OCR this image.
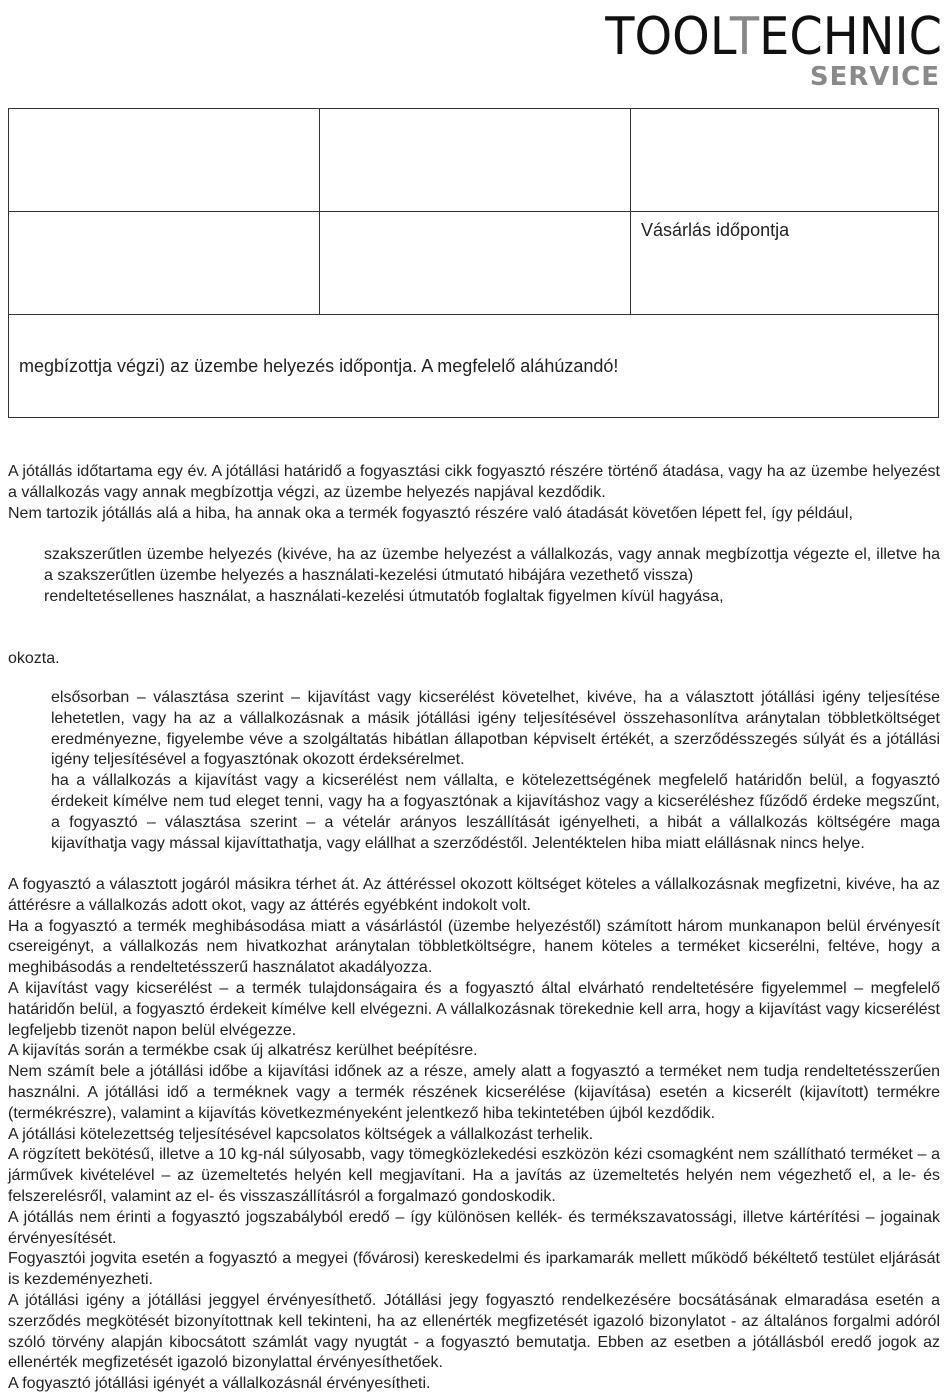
TOOLTECHNIC
SERVICE

		Vásárlás időpontja

megbízottja végzi) az üzembe helyezés időpontja. A megfelelő aláhúzandó!		

A jótállás időtartama egy év. A jótállási határidő a fogyasztási cikk fogyasztó részére történő átadása, vagy ha az üzembe helyezést a vállalkozás vagy annak megbízottja végzi, az üzembe helyezés napjával kezdődik.

Nem tartozik jótállás alá a hiba, ha annak oka a termék fogyasztó részére való átadását követően lépett fel, így például,

szakszerűtlen üzembe helyezés (kivéve, ha az üzembe helyezést a vállalkozás, vagy annak megbízottja végezte el, illetve ha a szakszerűtlen üzembe helyezés a használati-kezelési útmutató hibájára vezethető vissza)

rendeltetésellenes használat, a használati-kezelési útmutatób foglaltak figyelmen kívül hagyása,

okozta.

elsősorban – választása szerint – kijavítást vagy kicserélést követelhet, kivéve, ha a választott jótállási igény teljesítése lehetetlen, vagy ha az a vállalkozásnak a másik jótállási igény teljesítésével összehasonlítva aránytalan többletköltséget eredményezne, figyelembe véve a szolgáltatás hibátlan állapotban képviselt értékét, a szerződésszegés súlyát és a jótállási igény teljesítésével a fogyasztónak okozott érdeksérelmet.

ha a vállalkozás a kijavítást vagy a kicserélést nem vállalta, e kötelezettségének megfelelő határidőn belül, a fogyasztó érdekeit kímélve nem tud eleget tenni, vagy ha a fogyasztónak a kijavításhoz vagy a kicseréléshez fűződő érdeke megszűnt, a fogyasztó – választása szerint – a vételár arányos leszállítását igényelheti, a hibát a vállalkozás költségére maga kijavíthatja vagy mással kijavíttathatja, vagy elállhat a szerződéstől. Jelentéktelen hiba miatt elállásnak nincs helye.

A fogyasztó a választott jogáról másikra térhet át. Az áttéréssel okozott költséget köteles a vállalkozásnak megfizetni, kivéve, ha az áttérésre a vállalkozás adott okot, vagy az áttérés egyébként indokolt volt.

Ha a fogyasztó a termék meghibásodása miatt a vásárlástól (üzembe helyezéstől) számított három munkanapon belül érvényesít csereigényt, a vállalkozás nem hivatkozhat aránytalan többletköltségre, hanem köteles a terméket kicserélni, feltéve, hogy a meghibásodás a rendeltetésszerű használatot akadályozza.

A kijavítást vagy kicserélést – a termék tulajdonságaira és a fogyasztó által elvárható rendeltetésére figyelemmel – megfelelő határidőn belül, a fogyasztó érdekeit kímélve kell elvégezni. A vállalkozásnak törekednie kell arra, hogy a kijavítást vagy kicserélést legfeljebb tizenöt napon belül elvégezze.

A kijavítás során a termékbe csak új alkatrész kerülhet beépítésre.

Nem számít bele a jótállási időbe a kijavítási időnek az a része, amely alatt a fogyasztó a terméket nem tudja rendeltetésszerűen használni. A jótállási idő a terméknek vagy a termék részének kicserélése (kijavítása) esetén a kicserélt (kijavított) termékre (termékrészre), valamint a kijavítás következményeként jelentkező hiba tekintetében újból kezdődik.

A jótállási kötelezettség teljesítésével kapcsolatos költségek a vállalkozást terhelik.

A rögzített bekötésű, illetve a 10 kg-nál súlyosabb, vagy tömegközlekedési eszközön kézi csomagként nem szállítható terméket – a járművek kivételével – az üzemeltetés helyén kell megjavítani. Ha a javítás az üzemeltetés helyén nem végezhető el, a le- és felszerelésről, valamint az el- és visszaszállításról a forgalmazó gondoskodik.

A jótállás nem érinti a fogyasztó jogszabályból eredő – így különösen kellék- és termékszavatossági, illetve kártérítési – jogainak érvényesítését.

Fogyasztói jogvita esetén a fogyasztó a megyei (fővárosi) kereskedelmi és iparkamarák mellett működő békéltető testület eljárását is kezdeményezheti.

A jótállási igény a jótállási jeggyel érvényesíthető. Jótállási jegy fogyasztó rendelkezésére bocsátásának elmaradása esetén a szerződés megkötését bizonyítottnak kell tekinteni, ha az ellenérték megfizetését igazoló bizonylatot - az általános forgalmi adóról szóló törvény alapján kibocsátott számlát vagy nyugtát - a fogyasztó bemutatja. Ebben az esetben a jótállásból eredő jogok az ellenérték megfizetését igazoló bizonylattal érvényesíthetőek.

A fogyasztó jótállási igényét a vállalkozásnál érvényesítheti.
